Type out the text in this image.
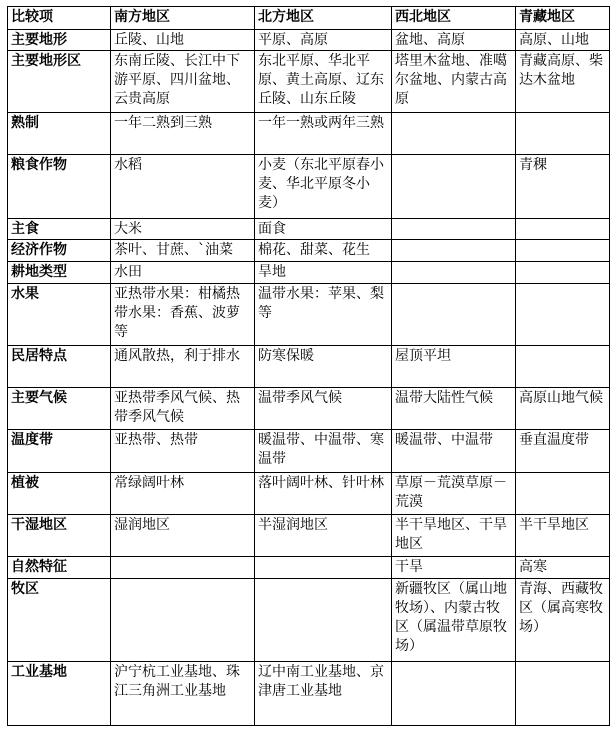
比较项	南方地区	北方地区	西北地区	青藏地区
主要地形	丘陵、山地	平原、高原	盆地、高原	高原、山地
主要地形区	东南丘陵、长江中下游平原、四川盆地、云贵高原	东北平原、华北平原、黄土高原、辽东丘陵、山东丘陵	塔里木盆地、准噶尔盆地、内蒙古高原	青藏高原、柴达木盆地
熟制	一年二熟到三熟	一年一熟或两年三熟		
粮食作物	水稻	小麦（东北平原春小麦、华北平原冬小麦）		青稞
主食	大米	面食		
经济作物	茶叶、甘蔗、`油菜	棉花、甜菜、花生		
耕地类型	水田	旱地		
水果	亚热带水果：柑橘热带水果：香蕉、波萝等	温带水果：苹果、梨等		
民居特点	通风散热，利于排水	防寒保暖	屋顶平坦	
主要气候	亚热带季风气候、热带季风气候	温带季风气候	温带大陆性气候	高原山地气候
温度带	亚热带、热带	暖温带、中温带、寒温带	暖温带、中温带	垂直温度带
植被	常绿阔叶林	落叶阔叶林、针叶林	草原－荒漠草原－荒漠	
干湿地区	湿润地区	半湿润地区	半干旱地区、干旱地区	半干旱地区
自然特征			干旱	高寒
牧区			新疆牧区（属山地牧场）、内蒙古牧区（属温带草原牧场）	青海、西藏牧区（属高寒牧场）
工业基地	沪宁杭工业基地、珠江三角洲工业基地	辽中南工业基地、京津唐工业基地		
